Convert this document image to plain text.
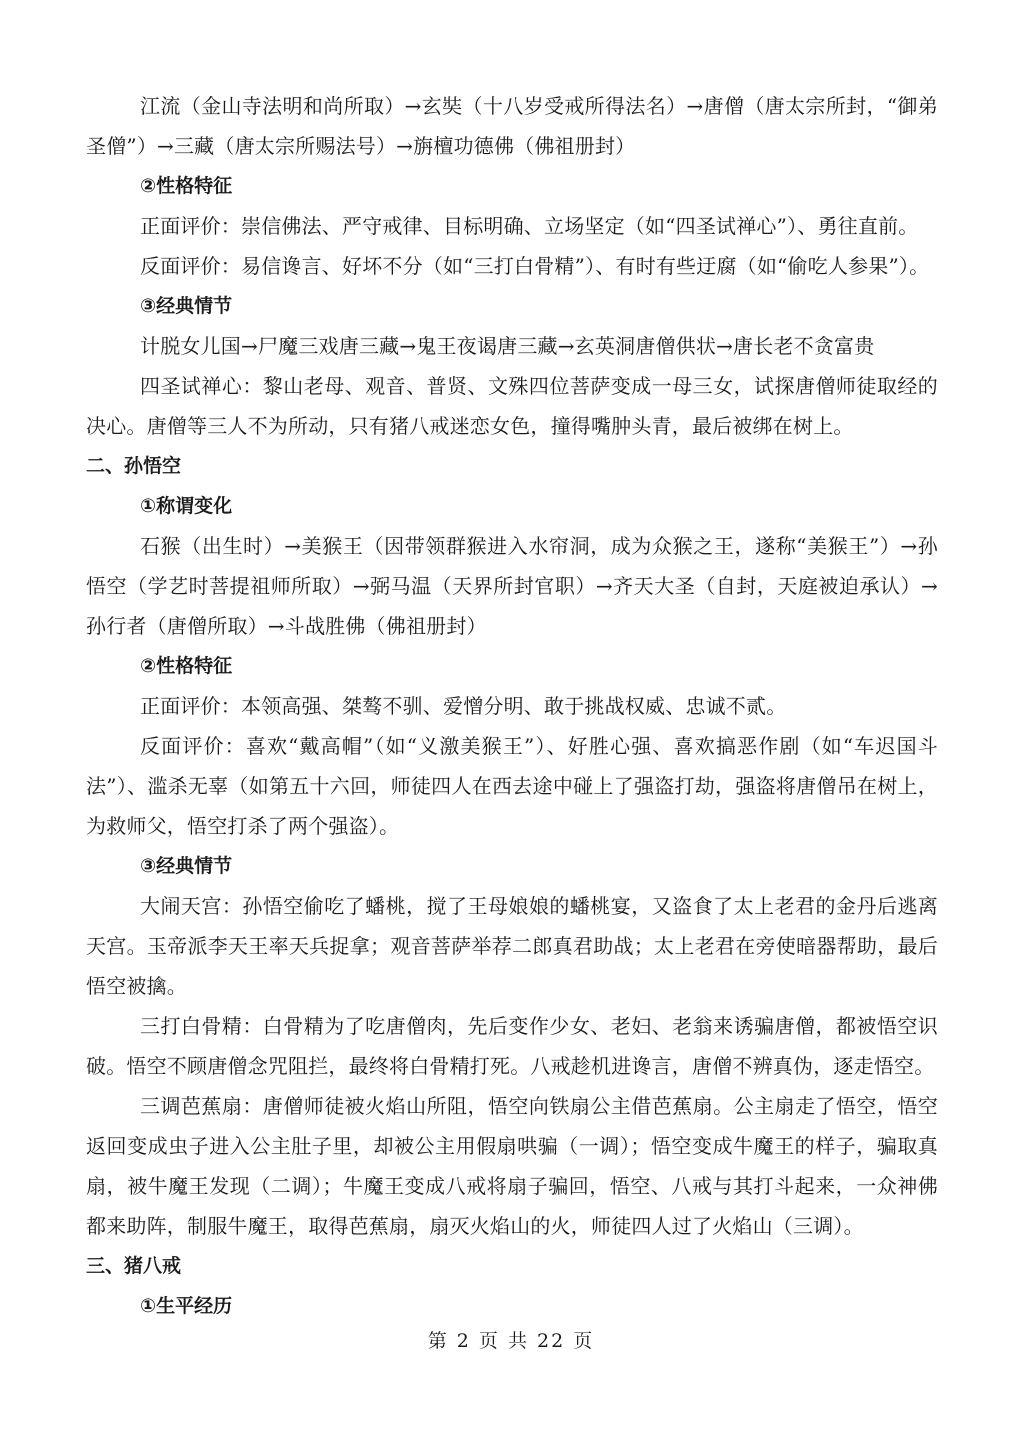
江流（金山寺法明和尚所取）→玄奘（十八岁受戒所得法名）→唐僧（唐太宗所封，“御弟圣僧”）→三藏（唐太宗所赐法号）→旃檀功德佛（佛祖册封）

②性格特征

正面评价：崇信佛法、严守戒律、目标明确、立场坚定（如“四圣试禅心”）、勇往直前。

反面评价：易信谗言、好坏不分（如“三打白骨精”）、有时有些迂腐（如“偷吃人参果”）。

③经典情节

计脱女儿国→尸魔三戏唐三藏→鬼王夜谒唐三藏→玄英洞唐僧供状→唐长老不贪富贵

四圣试禅心：黎山老母、观音、普贤、文殊四位菩萨变成一母三女，试探唐僧师徒取经的决心。唐僧等三人不为所动，只有猪八戒迷恋女色，撞得嘴肿头青，最后被绑在树上。

二、孙悟空

①称谓变化

石猴（出生时）→美猴王（因带领群猴进入水帘洞，成为众猴之王，遂称“美猴王”）→孙悟空（学艺时菩提祖师所取）→弼马温（天界所封官职）→齐天大圣（自封，天庭被迫承认）→孙行者（唐僧所取）→斗战胜佛（佛祖册封）

②性格特征

正面评价：本领高强、桀骜不驯、爱憎分明、敢于挑战权威、忠诚不贰。

反面评价：喜欢“戴高帽”（如“义激美猴王”）、好胜心强、喜欢搞恶作剧（如“车迟国斗法”）、滥杀无辜（如第五十六回，师徒四人在西去途中碰上了强盗打劫，强盗将唐僧吊在树上，为救师父，悟空打杀了两个强盗）。

③经典情节

大闹天宫：孙悟空偷吃了蟠桃，搅了王母娘娘的蟠桃宴，又盗食了太上老君的金丹后逃离天宫。玉帝派李天王率天兵捉拿；观音菩萨举荐二郎真君助战；太上老君在旁使暗器帮助，最后悟空被擒。

三打白骨精：白骨精为了吃唐僧肉，先后变作少女、老妇、老翁来诱骗唐僧，都被悟空识破。悟空不顾唐僧念咒阻拦，最终将白骨精打死。八戒趁机进谗言，唐僧不辨真伪，逐走悟空。

三调芭蕉扇：唐僧师徒被火焰山所阻，悟空向铁扇公主借芭蕉扇。公主扇走了悟空，悟空返回变成虫子进入公主肚子里，却被公主用假扇哄骗（一调）；悟空变成牛魔王的样子，骗取真扇，被牛魔王发现（二调）；牛魔王变成八戒将扇子骗回，悟空、八戒与其打斗起来，一众神佛都来助阵，制服牛魔王，取得芭蕉扇，扇灭火焰山的火，师徒四人过了火焰山（三调）。

三、猪八戒

①生平经历

第 2 页 共 22 页
